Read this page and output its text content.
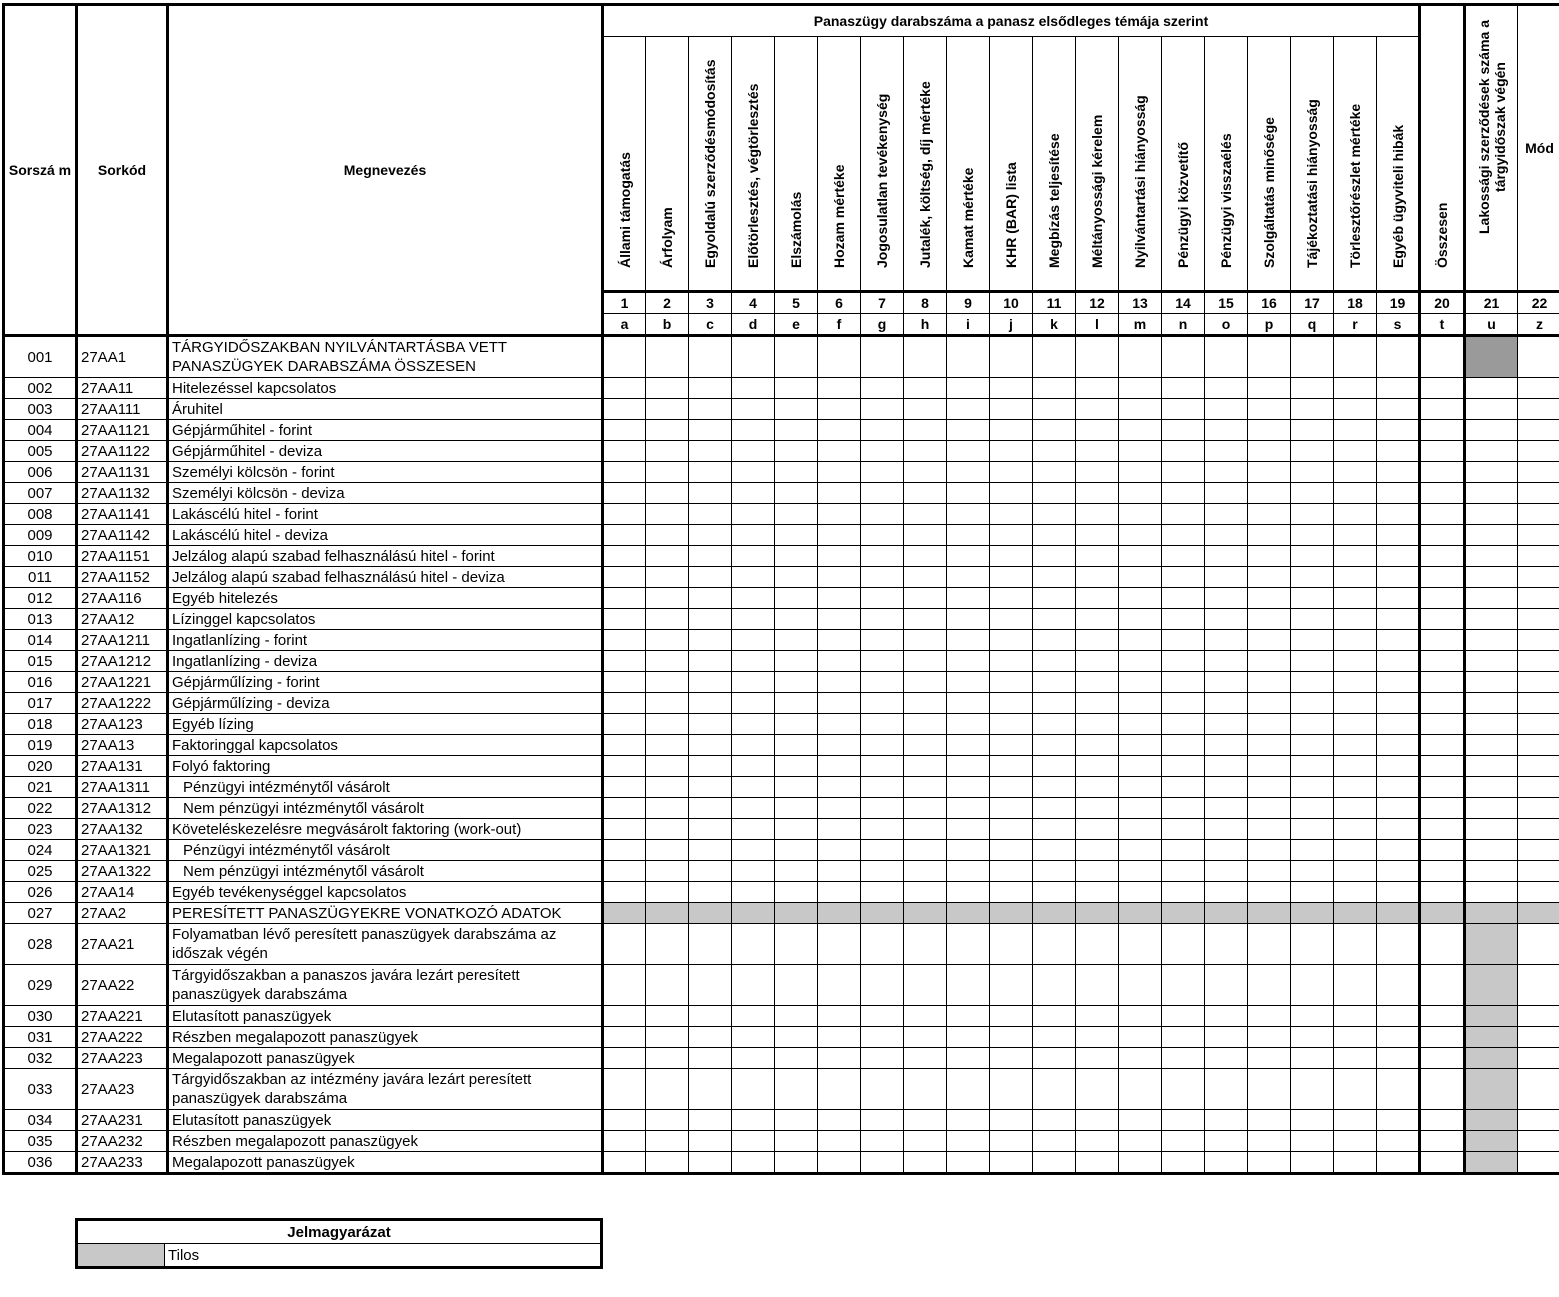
Sorszá m	Sorkód	Megnevezés	Panaszügy darabszáma a panasz elsődleges témája szerint																			Összesen	Lakossági szerződések száma a tárgyidőszak végén	Mód

			Állami támogatás	Árfolyam	Egyoldalú szerződésmódosítás	Előtörlesztés, végtörlesztés	Elszámolás	Hozam mértéke	Jogosulatlan tevékenység	Jutalék, költség, díj mértéke	Kamat mértéke	KHR (BAR) lista	Megbízás teljesítése	Méltányossági kérelem	Nyilvántartási hiányosság	Pénzügyi közvetítő	Pénzügyi visszaélés	Szolgáltatás minősége	Tájékoztatási hiányosság	Törlesztőrészlet mértéke	Egyéb ügyviteli hibák			

			1	2	3	4	5	6	7	8	9	10	11	12	13	14	15	16	17	18	19	20	21	22
			a	b	c	d	e	f	g	h	i	j	k	l	m	n	o	p	q	r	s	t	u	z
001	27AA1	TÁRGYIDŐSZAKBAN NYILVÁNTARTÁSBA VETT PANASZÜGYEK DARABSZÁMA ÖSSZESEN																						
002	27AA11	Hitelezéssel kapcsolatos																						
003	27AA111	Áruhitel																						
004	27AA1121	Gépjárműhitel - forint																						
005	27AA1122	Gépjárműhitel - deviza																						
006	27AA1131	Személyi kölcsön - forint																						
007	27AA1132	Személyi kölcsön - deviza																						
008	27AA1141	Lakáscélú hitel - forint																						
009	27AA1142	Lakáscélú hitel - deviza																						
010	27AA1151	Jelzálog alapú szabad felhasználású hitel - forint																						
011	27AA1152	Jelzálog alapú szabad felhasználású hitel - deviza																						
012	27AA116	Egyéb hitelezés																						
013	27AA12	Lízinggel kapcsolatos																						
014	27AA1211	Ingatlanlízing - forint																						
015	27AA1212	Ingatlanlízing - deviza																						
016	27AA1221	Gépjárműlízing - forint																						
017	27AA1222	Gépjárműlízing - deviza																						
018	27AA123	Egyéb lízing																						
019	27AA13	Faktoringgal kapcsolatos																						
020	27AA131	Folyó faktoring																						
021	27AA1311	Pénzügyi intézménytől vásárolt																						
022	27AA1312	Nem pénzügyi intézménytől vásárolt																						
023	27AA132	Követeléskezelésre megvásárolt faktoring (work-out)																						
024	27AA1321	Pénzügyi intézménytől vásárolt																						
025	27AA1322	Nem pénzügyi intézménytől vásárolt																						
026	27AA14	Egyéb tevékenységgel kapcsolatos																						
027	27AA2	PERESÍTETT PANASZÜGYEKRE VONATKOZÓ ADATOK																						
028	27AA21	Folyamatban lévő peresített panaszügyek darabszáma az időszak végén																						
029	27AA22	Tárgyidőszakban a panaszos javára lezárt peresített panaszügyek darabszáma																						
030	27AA221	Elutasított panaszügyek																						
031	27AA222	Részben megalapozott panaszügyek																						
032	27AA223	Megalapozott panaszügyek																						
033	27AA23	Tárgyidőszakban az intézmény javára lezárt peresített panaszügyek darabszáma																						
034	27AA231	Elutasított panaszügyek																						
035	27AA232	Részben megalapozott panaszügyek																						
036	27AA233	Megalapozott panaszügyek																						
Jelmagyarázat
	Tilos
